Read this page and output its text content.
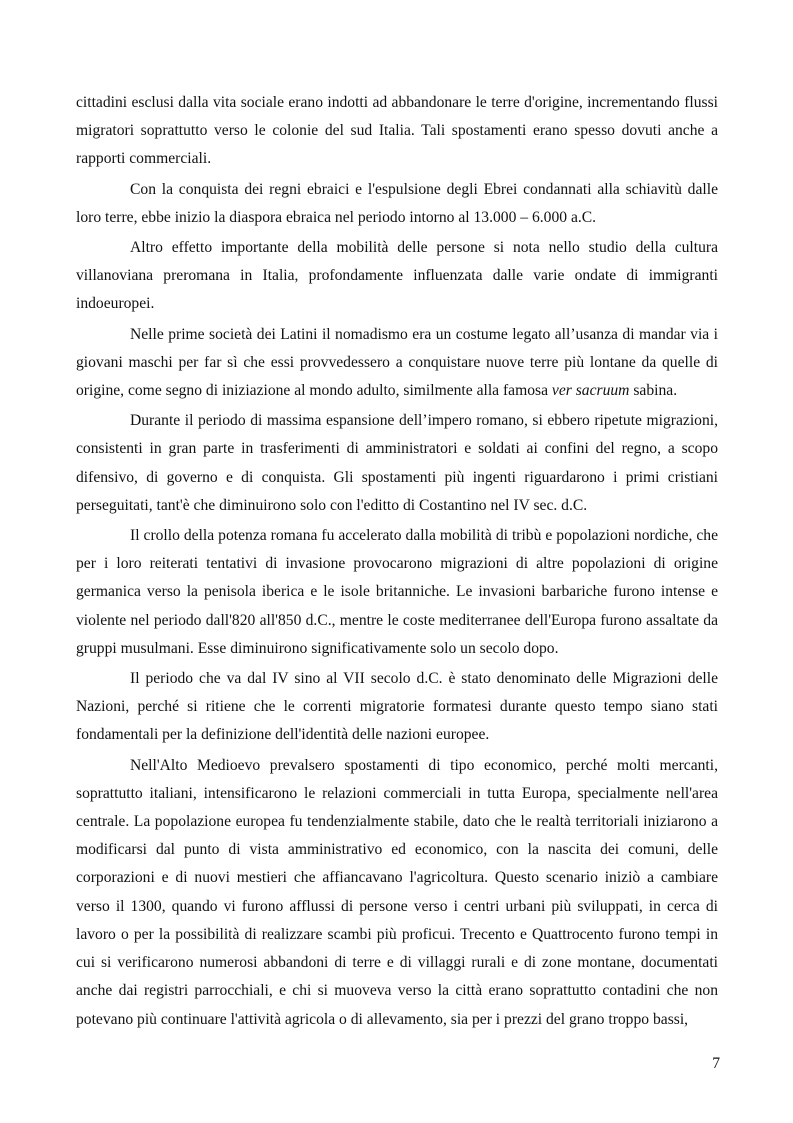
cittadini esclusi dalla vita sociale erano indotti ad abbandonare le terre d'origine, incrementando flussi migratori soprattutto verso le colonie del sud Italia. Tali spostamenti erano spesso dovuti anche a rapporti commerciali.

Con la conquista dei regni ebraici e l'espulsione degli Ebrei condannati alla schiavitù dalle loro terre, ebbe inizio la diaspora ebraica nel periodo intorno al 13.000 – 6.000 a.C.

Altro effetto importante della mobilità delle persone si nota nello studio della cultura villanoviana preromana in Italia, profondamente influenzata dalle varie ondate di immigranti indoeuropei.

Nelle prime società dei Latini il nomadismo era un costume legato all’usanza di mandar via i giovani maschi per far sì che essi provvedessero a conquistare nuove terre più lontane da quelle di origine, come segno di iniziazione al mondo adulto, similmente alla famosa ver sacruum sabina.

Durante il periodo di massima espansione dell’impero romano, si ebbero ripetute migrazioni, consistenti in gran parte in trasferimenti di amministratori e soldati ai confini del regno, a scopo difensivo, di governo e di conquista. Gli spostamenti più ingenti riguardarono i primi cristiani perseguitati, tant'è che diminuirono solo con l'editto di Costantino nel IV sec. d.C.

Il crollo della potenza romana fu accelerato dalla mobilità di tribù e popolazioni nordiche, che per i loro reiterati tentativi di invasione provocarono migrazioni di altre popolazioni di origine germanica verso la penisola iberica e le isole britanniche. Le invasioni barbariche furono intense e violente nel periodo dall'820 all'850 d.C., mentre le coste mediterranee dell'Europa furono assaltate da gruppi musulmani. Esse diminuirono significativamente solo un secolo dopo.

Il periodo che va dal IV sino al VII secolo d.C. è stato denominato delle Migrazioni delle Nazioni, perché si ritiene che le correnti migratorie formatesi durante questo tempo siano stati fondamentali per la definizione dell'identità delle nazioni europee.

Nell'Alto Medioevo prevalsero spostamenti di tipo economico, perché molti mercanti, soprattutto italiani, intensificarono le relazioni commerciali in tutta Europa, specialmente nell'area centrale. La popolazione europea fu tendenzialmente stabile, dato che le realtà territoriali iniziarono a modificarsi dal punto di vista amministrativo ed economico, con la nascita dei comuni, delle corporazioni e di nuovi mestieri che affiancavano l'agricoltura. Questo scenario iniziò a cambiare verso il 1300, quando vi furono afflussi di persone verso i centri urbani più sviluppati, in cerca di lavoro o per la possibilità di realizzare scambi più proficui. Trecento e Quattrocento furono tempi in cui si verificarono numerosi abbandoni di terre e di villaggi rurali e di zone montane, documentati anche dai registri parrocchiali, e chi si muoveva verso la città erano soprattutto contadini che non potevano più continuare l'attività agricola o di allevamento, sia per i prezzi del grano troppo bassi,

7
